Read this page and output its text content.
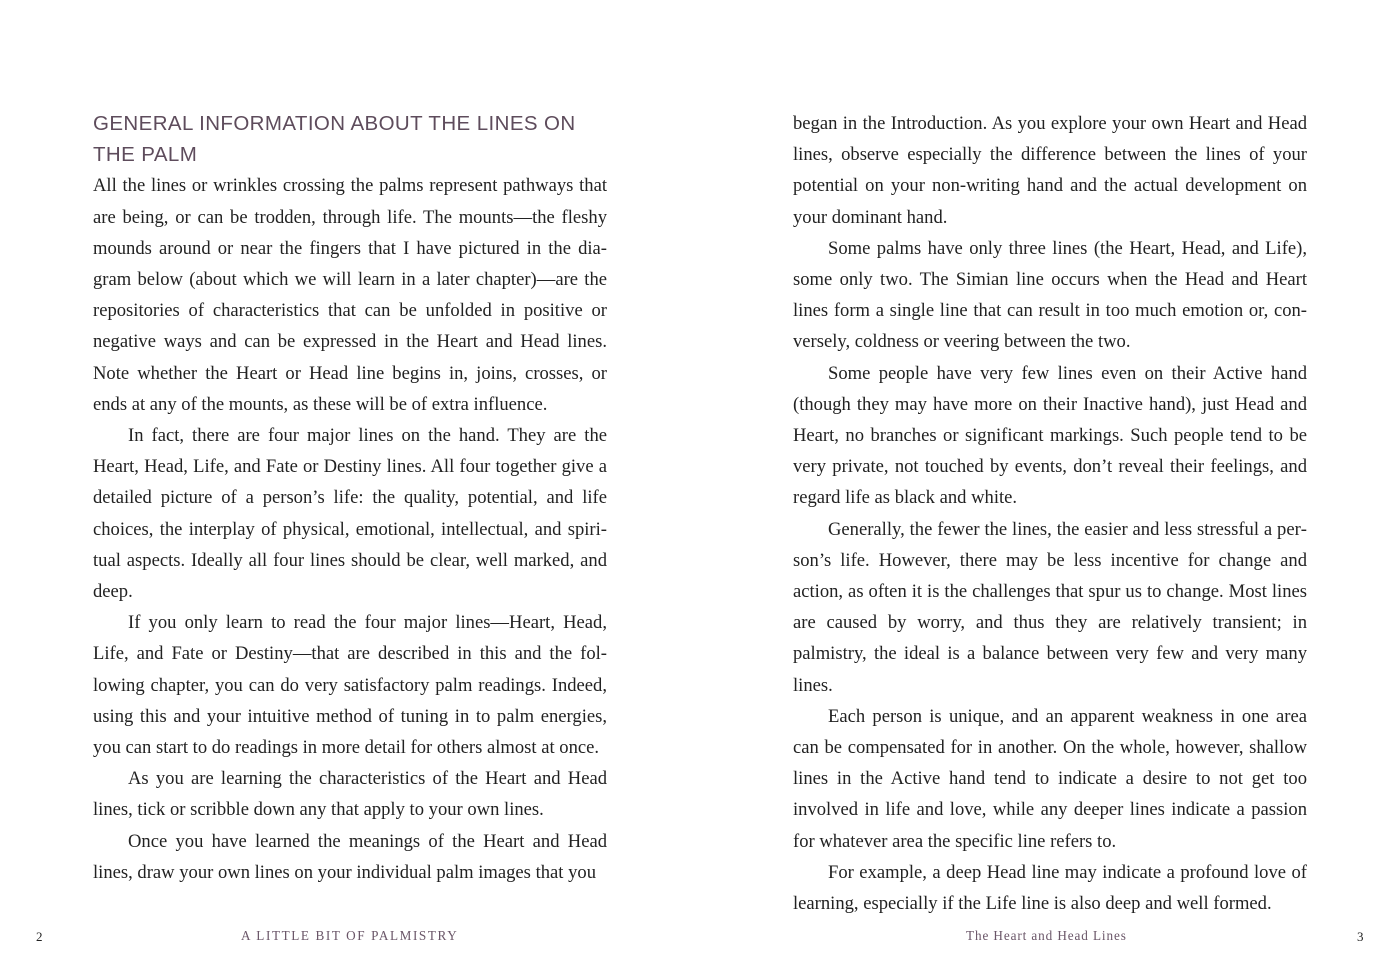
GENERAL INFORMATION ABOUT THE LINES ON THE PALM

All the lines or wrinkles crossing the palms represent pathways that are being, or can be trodden, through life. The mounts—the fleshy mounds around or near the fingers that I have pictured in the diagram below (about which we will learn in a later chapter)—are the repositories of characteristics that can be unfolded in positive or negative ways and can be expressed in the Heart and Head lines. Note whether the Heart or Head line begins in, joins, crosses, or ends at any of the mounts, as these will be of extra influence.

In fact, there are four major lines on the hand. They are the Heart, Head, Life, and Fate or Destiny lines. All four together give a detailed picture of a person’s life: the quality, potential, and life choices, the interplay of physical, emotional, intellectual, and spiritual aspects. Ideally all four lines should be clear, well marked, and deep.

If you only learn to read the four major lines—Heart, Head, Life, and Fate or Destiny—that are described in this and the following chapter, you can do very satisfactory palm readings. Indeed, using this and your intuitive method of tuning in to palm energies, you can start to do readings in more detail for others almost at once.

As you are learning the characteristics of the Heart and Head lines, tick or scribble down any that apply to your own lines.

Once you have learned the meanings of the Heart and Head lines, draw your own lines on your individual palm images that you

2	A LITTLE BIT OF PALMISTRY

began in the Introduction. As you explore your own Heart and Head lines, observe especially the difference between the lines of your potential on your non-writing hand and the actual development on your dominant hand.

Some palms have only three lines (the Heart, Head, and Life), some only two. The Simian line occurs when the Head and Heart lines form a single line that can result in too much emotion or, conversely, coldness or veering between the two.

Some people have very few lines even on their Active hand (though they may have more on their Inactive hand), just Head and Heart, no branches or significant markings. Such people tend to be very private, not touched by events, don’t reveal their feelings, and regard life as black and white.

Generally, the fewer the lines, the easier and less stressful a person’s life. However, there may be less incentive for change and action, as often it is the challenges that spur us to change. Most lines are caused by worry, and thus they are relatively transient; in palmistry, the ideal is a balance between very few and very many lines.

Each person is unique, and an apparent weakness in one area can be compensated for in another. On the whole, however, shallow lines in the Active hand tend to indicate a desire to not get too involved in life and love, while any deeper lines indicate a passion for whatever area the specific line refers to.

For example, a deep Head line may indicate a profound love of learning, especially if the Life line is also deep and well formed.

The Heart and Head Lines	3
